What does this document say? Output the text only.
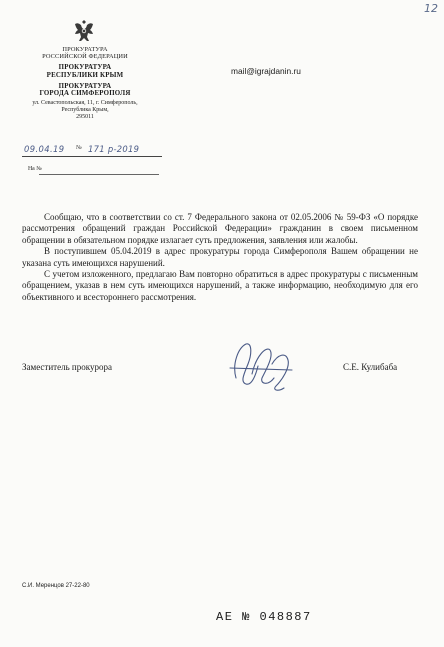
12
ПРОКУРАТУРА
РОССИЙСКОЙ ФЕДЕРАЦИИ
ПРОКУРАТУРА
РЕСПУБЛИКИ КРЫМ
ПРОКУРАТУРА
ГОРОДА СИМФЕРОПОЛЯ
ул. Севастопольская, 11, г. Симферополь,
Республика Крым,
295011
mail@igrajdanin.ru
09.04.19 № 171 р-2019
На №

Сообщаю, что в соответствии со ст. 7 Федерального закона от 02.05.2006 № 59-ФЗ «О порядке рассмотрения обращений граждан Российской Федерации» гражданин в своем письменном обращении в обязательном порядке излагает суть предложения, заявления или жалобы.

В поступившем 05.04.2019 в адрес прокуратуры города Симферополя Вашем обращении не указана суть имеющихся нарушений.

С учетом изложенного, предлагаю Вам повторно обратиться в адрес прокуратуры с письменным обращением, указав в нем суть имеющихся нарушений, а также информацию, необходимую для его объективного и всестороннего рассмотрения.

Заместитель прокурора	С.Е. Кулибаба
С.И. Меренцов 27-22-80
АЕ № 048887
